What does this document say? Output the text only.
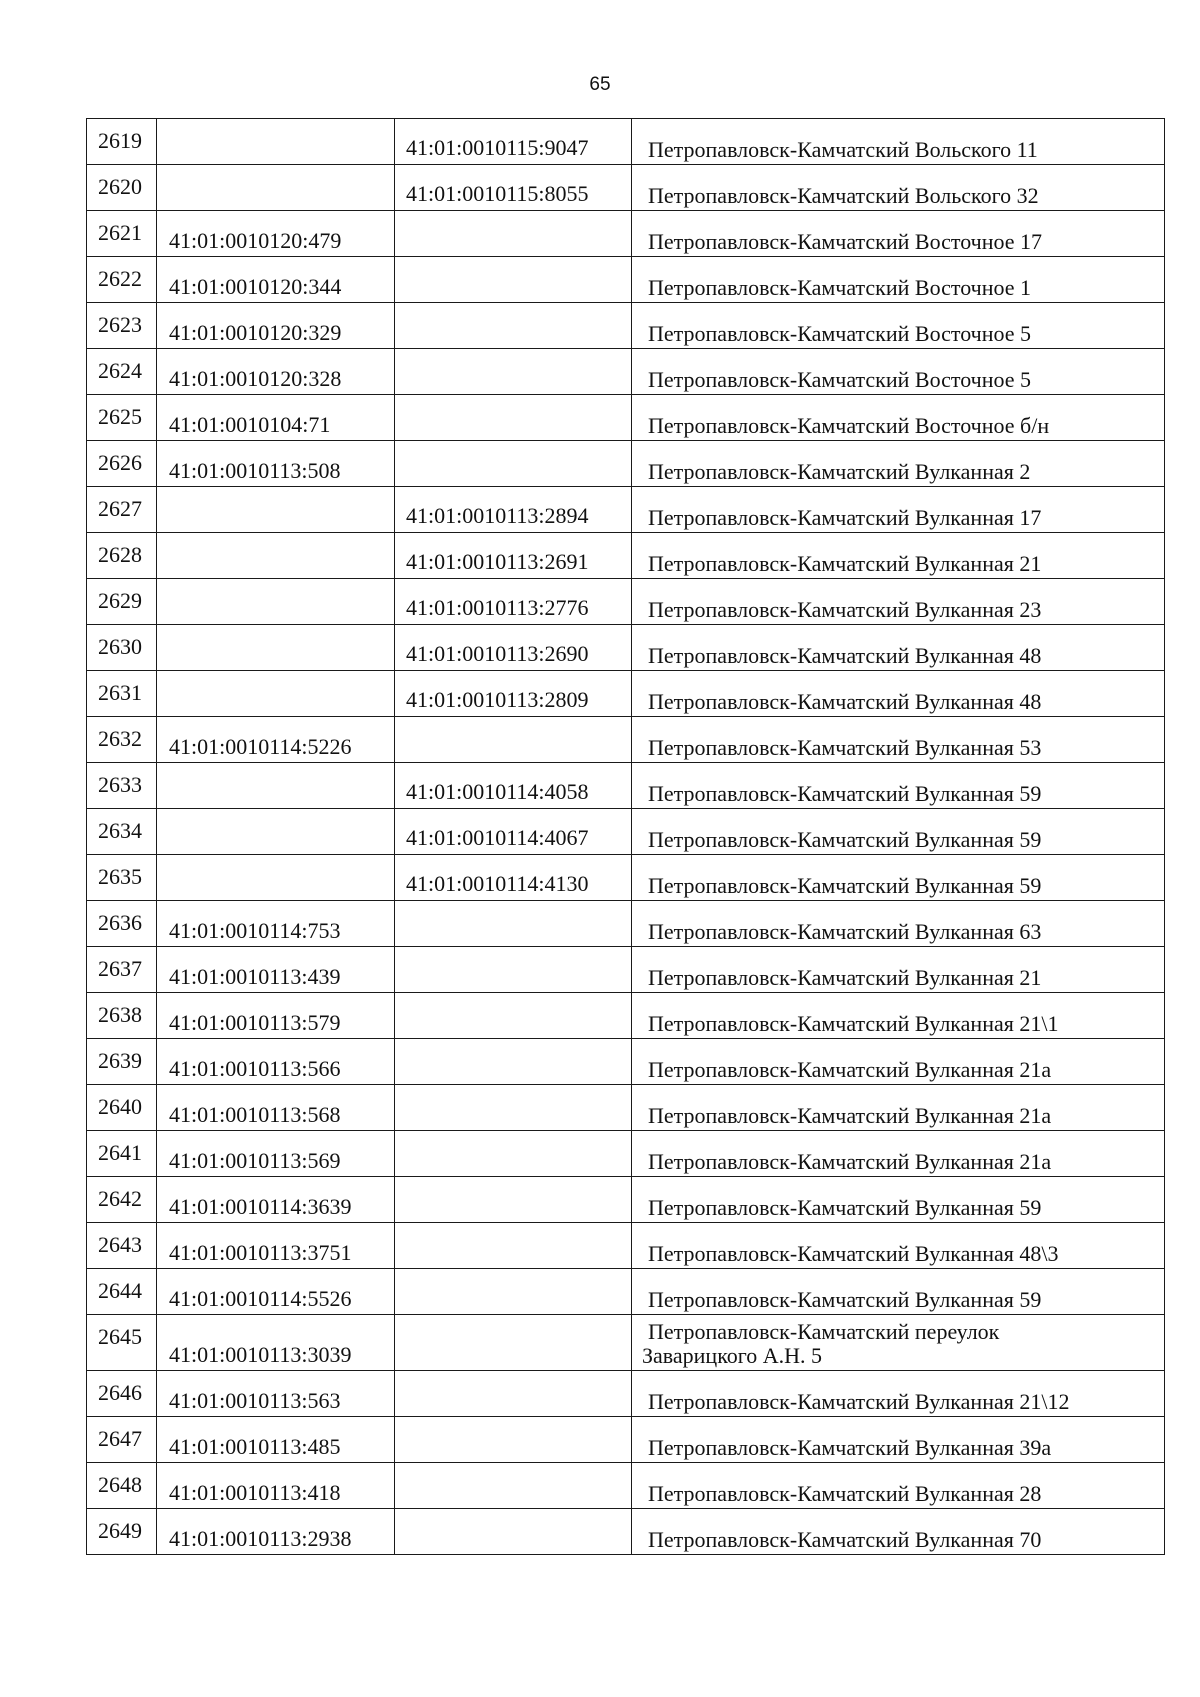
65
2619		41:01:0010115:9047	Петропавловск-Камчатский Вольского 11

2620		41:01:0010115:8055	Петропавловск-Камчатский Вольского 32

2621	41:01:0010120:479		Петропавловск-Камчатский Восточное 17

2622	41:01:0010120:344		Петропавловск-Камчатский Восточное 1

2623	41:01:0010120:329		Петропавловск-Камчатский Восточное 5

2624	41:01:0010120:328		Петропавловск-Камчатский Восточное 5

2625	41:01:0010104:71		Петропавловск-Камчатский Восточное б/н

2626	41:01:0010113:508		Петропавловск-Камчатский Вулканная 2

2627		41:01:0010113:2894	Петропавловск-Камчатский Вулканная 17

2628		41:01:0010113:2691	Петропавловск-Камчатский Вулканная 21

2629		41:01:0010113:2776	Петропавловск-Камчатский Вулканная 23

2630		41:01:0010113:2690	Петропавловск-Камчатский Вулканная 48

2631		41:01:0010113:2809	Петропавловск-Камчатский Вулканная 48

2632	41:01:0010114:5226		Петропавловск-Камчатский Вулканная 53

2633		41:01:0010114:4058	Петропавловск-Камчатский Вулканная 59

2634		41:01:0010114:4067	Петропавловск-Камчатский Вулканная 59

2635		41:01:0010114:4130	Петропавловск-Камчатский Вулканная 59

2636	41:01:0010114:753		Петропавловск-Камчатский Вулканная 63

2637	41:01:0010113:439		Петропавловск-Камчатский Вулканная 21

2638	41:01:0010113:579		Петропавловск-Камчатский Вулканная 21\1

2639	41:01:0010113:566		Петропавловск-Камчатский Вулканная 21а

2640	41:01:0010113:568		Петропавловск-Камчатский Вулканная 21а

2641	41:01:0010113:569		Петропавловск-Камчатский Вулканная 21а

2642	41:01:0010114:3639		Петропавловск-Камчатский Вулканная 59

2643	41:01:0010113:3751		Петропавловск-Камчатский Вулканная 48\3

2644	41:01:0010114:5526		Петропавловск-Камчатский Вулканная 59

2645	41:01:0010113:3039		Петропавловск-Камчатский переулок
Заварицкого А.Н. 5

2646	41:01:0010113:563		Петропавловск-Камчатский Вулканная 21\12

2647	41:01:0010113:485		Петропавловск-Камчатский Вулканная 39а

2648	41:01:0010113:418		Петропавловск-Камчатский Вулканная 28

2649	41:01:0010113:2938		Петропавловск-Камчатский Вулканная 70
